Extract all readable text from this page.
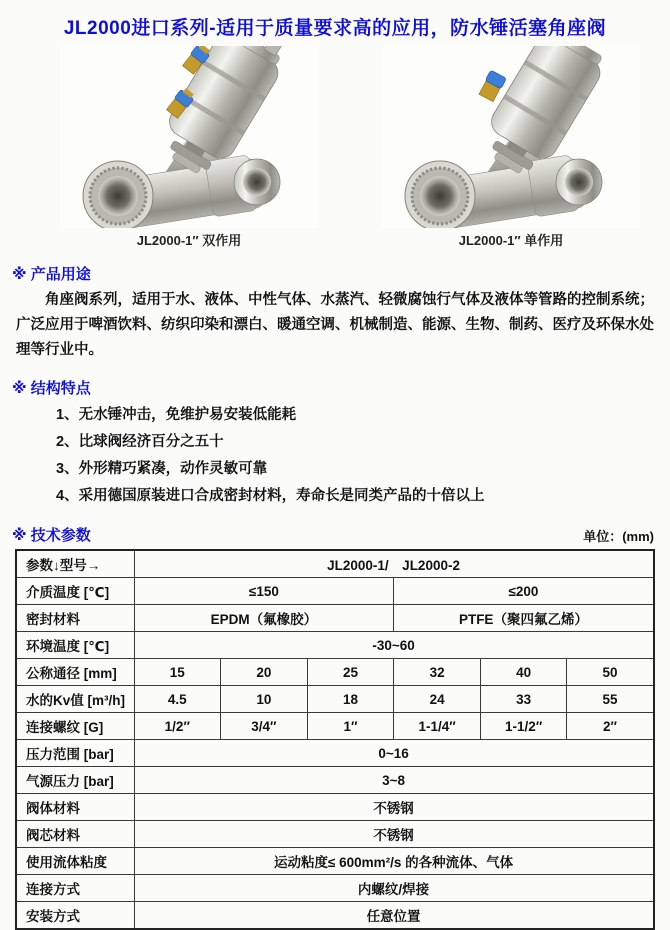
JL2000进口系列-适用于质量要求高的应用，防水锤活塞角座阀
JL2000-1″ 双作用	JL2000-1″ 单作用
※ 产品用途
角座阀系列，适用于水、液体、中性气体、水蒸汽、轻微腐蚀行气体及液体等管路的控制系统；广泛应用于啤酒饮料、纺织印染和漂白、暖通空调、机械制造、能源、生物、制药、医疗及环保水处理等行业中。
※ 结构特点
1、无水锤冲击，免维护易安装低能耗
2、比球阀经济百分之五十
3、外形精巧紧凑，动作灵敏可靠
4、采用德国原装进口合成密封材料，寿命长是同类产品的十倍以上
※ 技术参数	单位：(mm)
参数↓型号→	JL2000-1/　JL2000-2					
介质温度 [℃]	≤150			≤200		
密封材料	EPDM（氟橡胶）			PTFE（聚四氟乙烯）		
环境温度 [℃]	-30~60					
公称通径 [mm]	15	20	25	32	40	50
水的Kv值 [m³/h]	4.5	10	18	24	33	55
连接螺纹 [G]	1/2″	3/4″	1″	1-1/4″	1-1/2″	2″
压力范围 [bar]	0~16					
气源压力 [bar]	3~8					
阀体材料	不锈钢					
阀芯材料	不锈钢					
使用流体粘度	运动粘度≤ 600mm²/s 的各种流体、气体					
连接方式	内螺纹/焊接					
安装方式	任意位置					
